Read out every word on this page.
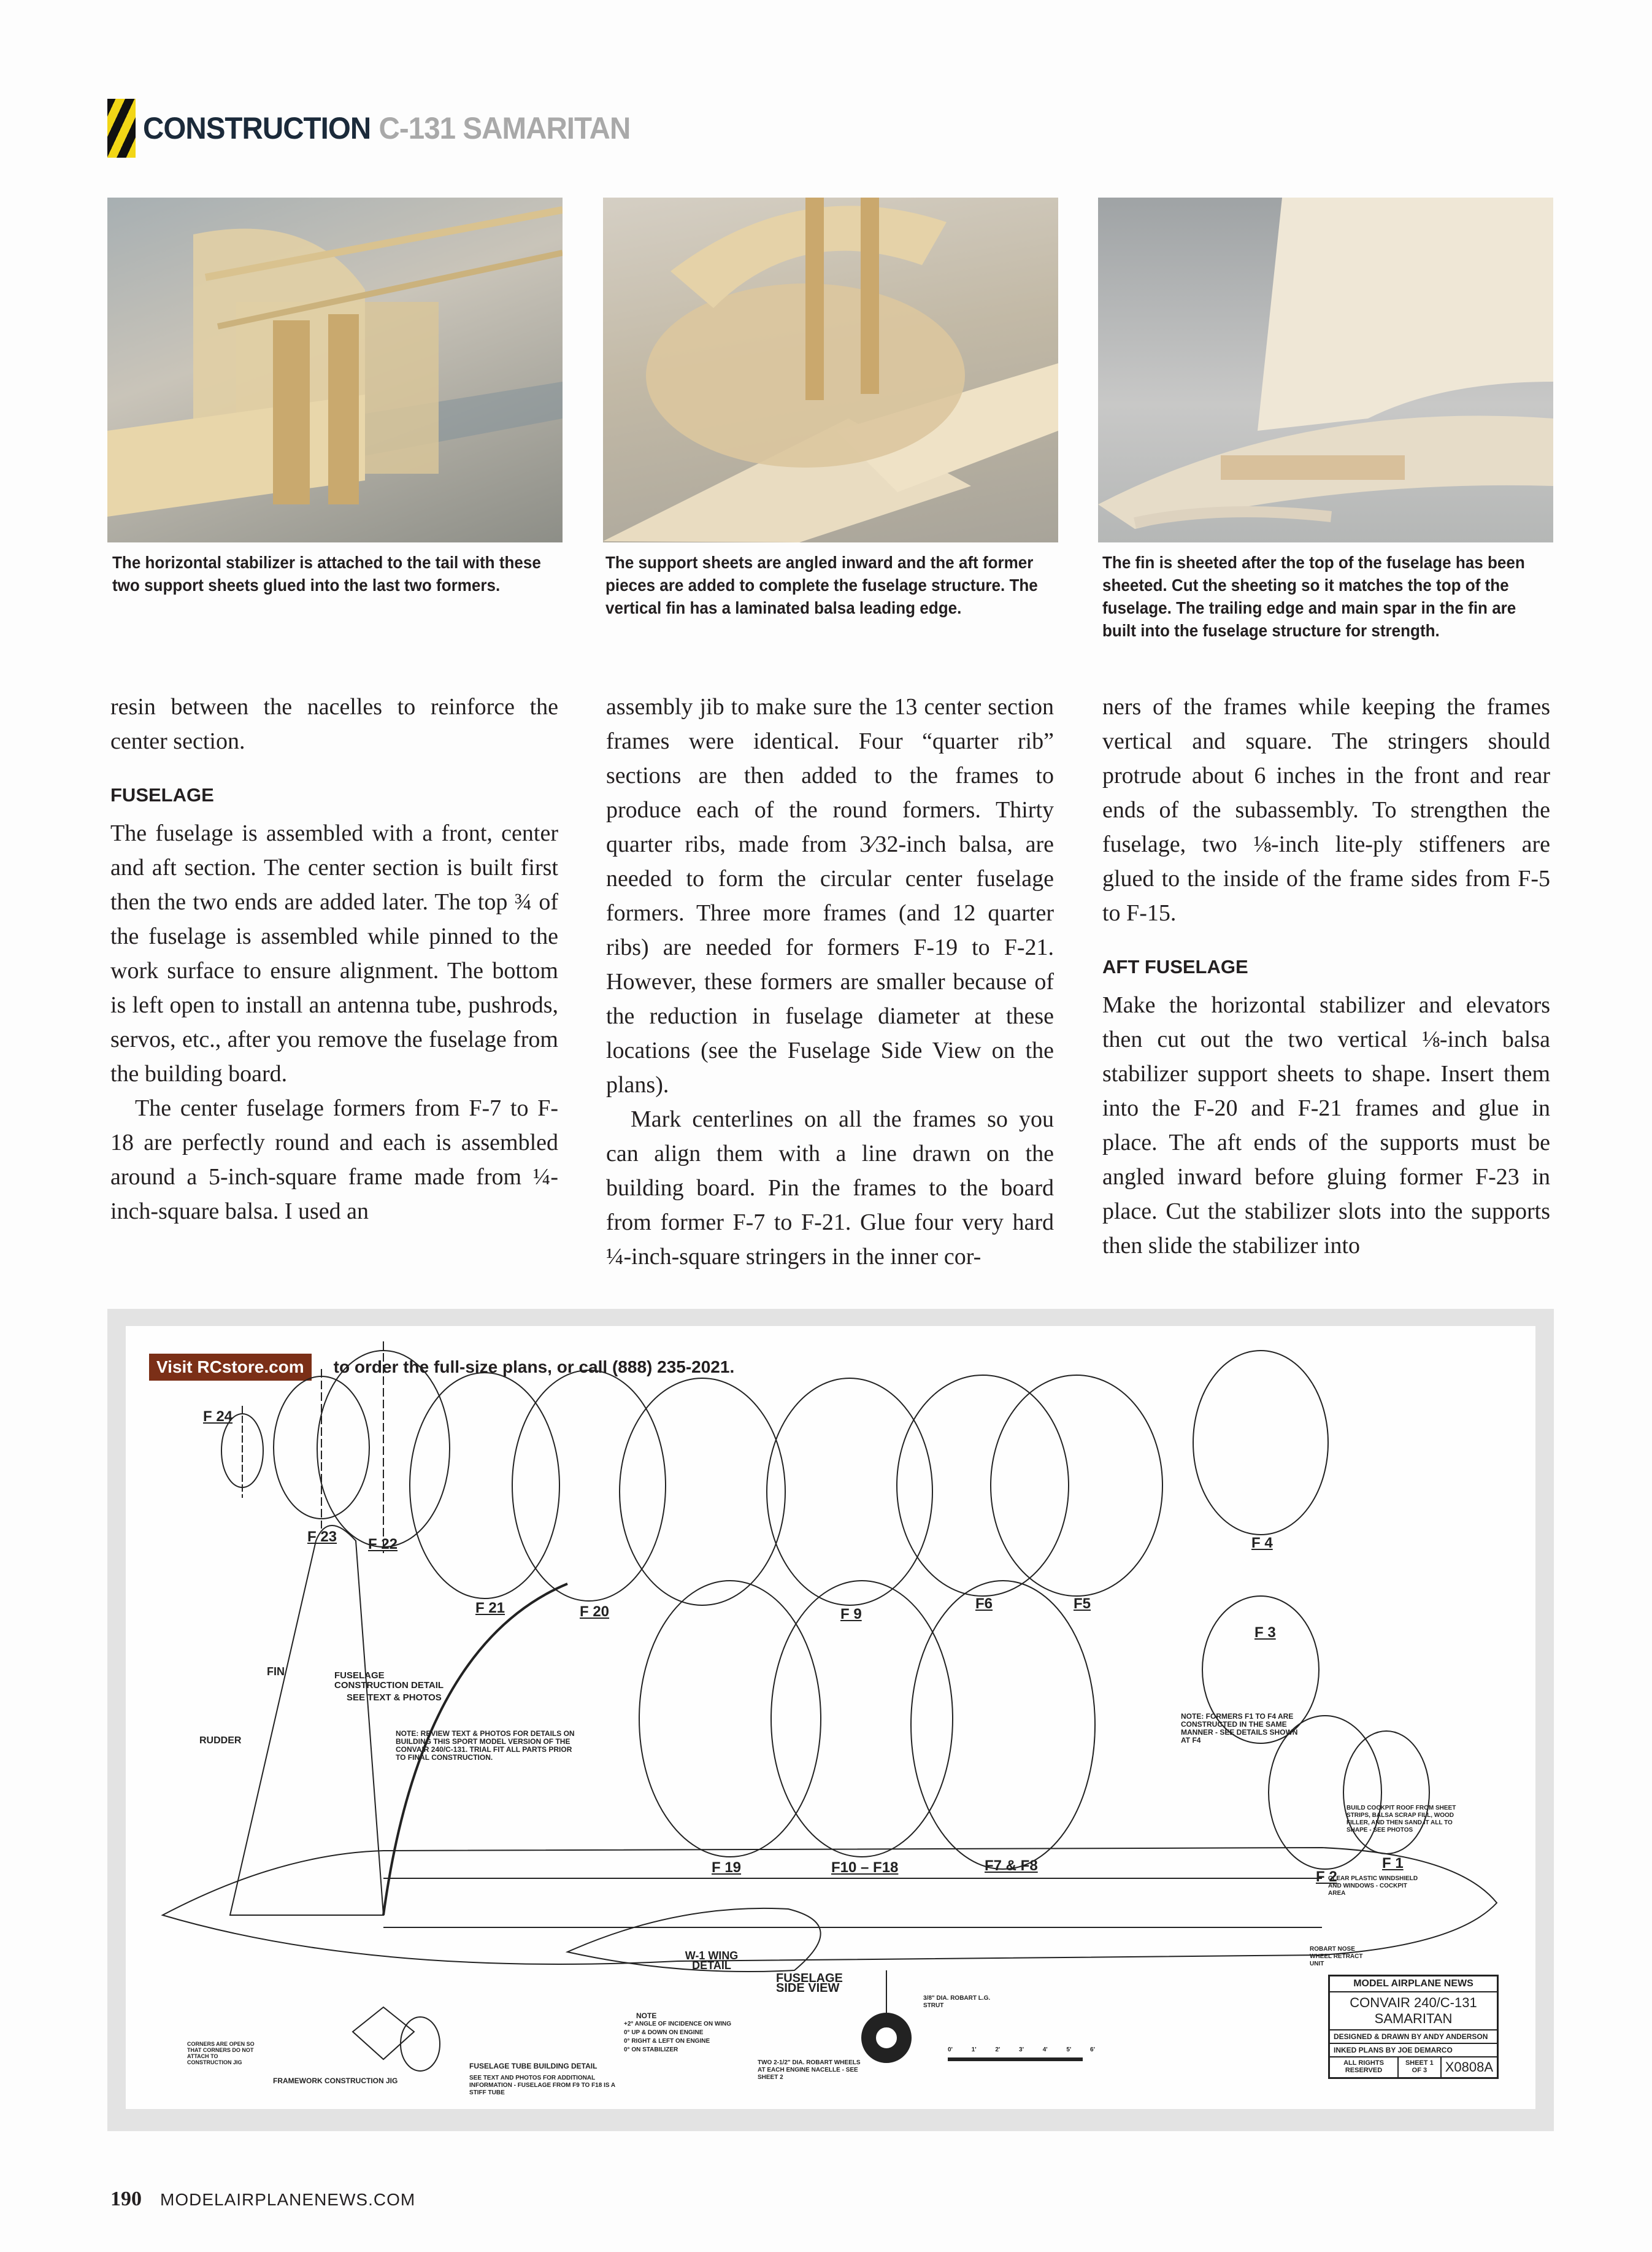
CONSTRUCTION C-131 SAMARITAN
The horizontal stabilizer is attached to the tail with these two support sheets glued into the last two formers.
The support sheets are angled inward and the aft former pieces are added to complete the fuselage structure. The vertical fin has a laminated balsa leading edge.
The fin is sheeted after the top of the fuselage has been sheeted. Cut the sheeting so it matches the top of the fuselage. The trailing edge and main spar in the fin are built into the fuselage structure for strength.

resin between the nacelles to reinforce the center section.

FUSELAGE

The fuselage is assembled with a front, center and aft section. The center section is built first then the two ends are added later. The top ¾ of the fuselage is assembled while pinned to the work surface to ensure alignment. The bottom is left open to install an antenna tube, pushrods, servos, etc., after you remove the fuselage from the building board.

The center fuselage formers from F-7 to F-18 are perfectly round and each is assembled around a 5-inch-square frame made from ¼-inch-square balsa. I used an

assembly jib to make sure the 13 center section frames were identical. Four “quarter rib” sections are then added to the frames to produce each of the round formers. Thirty quarter ribs, made from 3⁄32-inch balsa, are needed to form the circular center fuselage formers. Three more frames (and 12 quarter ribs) are needed for formers F-19 to F-21. However, these formers are smaller because of the reduction in fuselage diameter at these locations (see the Fuselage Side View on the plans).

Mark centerlines on all the frames so you can align them with a line drawn on the building board. Pin the frames to the board from former F-7 to F-21. Glue four very hard ¼-inch-square stringers in the inner cor-

ners of the frames while keeping the frames vertical and square. The stringers should protrude about 6 inches in the front and rear ends of the subassembly. To strengthen the fuselage, two ⅛-inch lite-ply stiffeners are glued to the inside of the frame sides from F-5 to F-15.

AFT FUSELAGE

Make the horizontal stabilizer and elevators then cut out the two vertical ⅛-inch balsa stabilizer support sheets to shape. Insert them into the F-20 and F-21 frames and glue in place. The aft ends of the supports must be angled inward before gluing former F-23 in place. Cut the stabilizer slots into the supports then slide the stabilizer into

Visit RCstore.com	to order the full-size plans, or call (888) 235-2021.
F 24
F 23 F 22
F 21	F 20
F 19
F 9
F10 – F18
F6	F5
F 4
F 3
F 2
F 1
F7 & F8
FUSELAGE CONSTRUCTION DETAIL
SEE TEXT & PHOTOS
NOTE: REVIEW TEXT & PHOTOS FOR DETAILS ON BUILDING THIS SPORT MODEL VERSION OF THE CONVAIR 240/C-131. TRIAL FIT ALL PARTS PRIOR TO FINAL CONSTRUCTION.
NOTE: FORMERS F1 TO F4 ARE CONSTRUCTED IN THE SAME MANNER - SEE DETAILS SHOWN AT F4
FIN
RUDDER
W-1 WING DETAIL
FUSELAGE SIDE VIEW
FUSELAGE TUBE BUILDING DETAIL
SEE TEXT AND PHOTOS FOR ADDITIONAL INFORMATION - FUSELAGE FROM F9 TO F18 IS A STIFF TUBE
FRAMEWORK CONSTRUCTION JIG
CORNERS ARE OPEN SO THAT CORNERS DO NOT ATTACH TO CONSTRUCTION JIG
NOTE
+2° ANGLE OF INCIDENCE ON WING
0° UP & DOWN ON ENGINE
0° RIGHT & LEFT ON ENGINE
0° ON STABILIZER
TWO 2-1/2" DIA. ROBART WHEELS AT EACH ENGINE NACELLE - SEE SHEET 2
3/8" DIA. ROBART L.G. STRUT
CLEAR PLASTIC WINDSHIELD AND WINDOWS - COCKPIT AREA
BUILD COCKPIT ROOF FROM SHEET STRIPS, BALSA SCRAP FILL, WOOD FILLER, AND THEN SAND IT ALL TO SHAPE - SEE PHOTOS
ROBART NOSE WHEEL RETRACT UNIT
0'	1'	2'	3'	4'	5'	6'
MODEL AIRPLANE NEWS
CONVAIR 240/C-131
SAMARITAN
DESIGNED & DRAWN BY ANDY ANDERSON
INKED PLANS BY JOE DEMARCO
ALL RIGHTS RESERVED
SHEET 1 OF 3	X0808A
190 MODELAIRPLANENEWS.COM
